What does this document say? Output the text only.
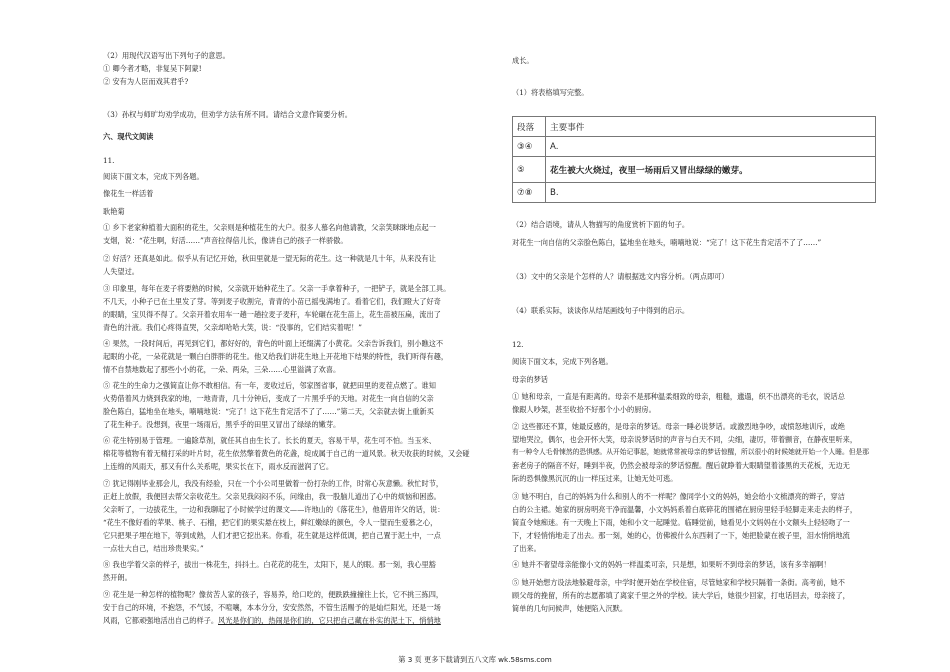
（2）用现代汉语写出下列句子的意思。
① 卿今者才略，非复吴下阿蒙!
② 安有为人臣而戏其君乎?
（3）孙权与师旷均劝学成功，但劝学方法有所不同。请结合文意作简要分析。
六、现代文阅读
11.
阅读下面文本，完成下列各题。
像花生一样活着
耿艳菊
① 乡下老家种植着大面积的花生，父亲则是种植花生的大户。很多人慕名向他请教，父亲笑眯眯地点起一
支烟，说：“花生啊，好活……”声音拉得倍儿长，像讲自己的孩子一样骄傲。
② 好活？还真是如此。似乎从有记忆开始，秋田里就是一望无际的花生。这一种就是几十年，从来没有让
人失望过。
③ 印象里，每年在麦子将要熟的时候，父亲就开始种花生了。父亲一手拿着种子，一把铲子，就是全部工具。
不几天，小种子已在土里发了芽。等到麦子收割完，青青的小苗已摇曳满地了。看着它们，我们瞪大了好奇
的眼睛，宝贝得不得了。父亲开着农用车一趟一趟拉麦子麦秆，车轮碾在花生苗上，花生苗被压扁，流出了
青色的汁液。我们心疼得直哭，父亲却哈哈大笑，说：“没事的，它们结实着呢！”
④ 果然，一段时间后，再见到它们，都好好的，青色的叶面上还缀满了小黄花。父亲告诉我们，别小瞧这不
起眼的小花，一朵花就是一颗白白胖胖的花生。他又给我们讲花生地上开花地下结果的特性，我们听得有趣，
情不自禁地数起了那些小小的花，一朵、两朵，三朵……心里溢满了欢喜。
⑤ 花生的生命力之强简直让你不敢相信。有一年，麦收过后，邻家图省事，就把田里的麦茬点燃了。谁知
火势借着风力烧到我家的地，一地青青，几十分钟后，变成了一片黑乎乎的天地。对花生一向自信的父亲
脸色陈白，猛地坐在地头，喃喃地说：“完了！这下花生肯定活不了了……”第二天，父亲就去街上重新买
了花生种子。没想到，夜里一场雨后，黑乎乎的田里又冒出了绿绿的嫩芽。
⑥ 花生特别易于管理。一遍除草剂，就任其自由生长了。长长的夏天，容易干旱，花生可不怕。当玉米、
棉花等植物有着无精打采的叶片时，花生依然擎着黄色的花盏，绽成属于自己的一道风景。秋天收获的时候，又会碰
上连绵的风雨天，那又有什么关系呢，果实长在下，雨水反而滋润了它。
⑦ 犹记得刚毕业那会儿，我没有经验，只在一个小公司里做着一份打杂的工作，时常心灰意懒。秋忙时节，
正赶上放假，我便回去帮父亲收花生。父亲见我闷闷不乐，问缘由，我一股脑儿道出了心中的烦恼和困惑。
父亲听了，一边拔花生，一边和我聊起了小时候学过的课文——许地山的《落花生》，他借用许父的话，说：
“花生不像好看的苹果、桃子、石榴，把它们的果实悬在枝上，鲜红嫩绿的颜色，令人一望而生爱慕之心，
它只把果子埋在地下，等到成熟，人们才把它挖出来。你看，花生就是这样低调，把自己置于泥土中，一点
一点壮大自己，结出珍贵果实。”
⑧ 我也学着父亲的样子，拔出一株花生，抖抖土。白花花的花生，太阳下，晃人的眼。那一刻，我心里豁
然开朗。
⑨ 花生是一种怎样的植物呢？像贫苦人家的孩子，容易养，给口吃的，便跌跌撞撞往上长，它不挑三拣四，
安于自己的环境，不抱怨，不气馁，不喧嚷，本本分分，安安然然，不管生活赐予的是灿烂阳光，还是一场
风雨，它都顽强地活出自己的样子。风光是你们的，热闹是你们的，它只把自己藏在朴实的泥土下，悄悄地
成长。
（1）将表格填写完整。
段落	主要事件
③④	A.
⑤	花生被大火烧过，夜里一场雨后又冒出绿绿的嫩芽。
⑦⑧	B.
（2）结合语境，请从人物描写的角度赏析下面的句子。
对花生一向自信的父亲脸色陈白，猛地坐在地头，喃喃地说：“完了！这下花生肯定活不了了……”
（3）文中的父亲是个怎样的人？请根据选文内容分析。（两点即可）
（4）联系实际，谈谈你从结尾画线句子中得到的启示。
12.
阅读下面文本，完成下列各题。
母亲的梦话
① 她和母亲，一直是有距离的。母亲不是那种温柔细致的母亲，粗糙，邋遢，织不出漂亮的毛衣，说话总
像跟人吵架，甚至收拾不好那个小小的厨房。
② 这些都还不算，她最反感的，是母亲的梦话。母亲一睡必说梦话。或激烈地争吵，或愤怒地训斥，或绝
望地哭泣，偶尔，也会开怀大笑，母亲说梦话时的声音与白天不同，尖细，凄厉，带着颤音，在静夜里听来，
有一种令人毛骨悚然的恐惧感。从开始记事起，她就常常被母亲的梦话惊醒，所以很小的时候她就开始一个人睡。但是那
套老房子的隔音不好，睡到半夜，仍然会被母亲的梦话惊醒。醒后就睁着大眼睛望着漆黑的天花板，无边无
际的恐惧像黑沉沉的山一样压过来，让她无处可逃。
③ 她不明白，自己的妈妈为什么和别人的不一样呢？像同学小文的妈妈，她会给小文梳漂亮的辫子，穿洁
白的公主裙。她家的厨房明亮干净而温馨，小文妈妈系着白底碎花的围裙在厨房里轻手轻脚走来走去的样子，
简直令她痴迷。有一天晚上下雨，她和小文一起睡觉。临睡觉前，她看见小文妈妈在小文额头上轻轻吻了一
下，才轻悄悄地走了出去。那一刻，她的心，仿佛被什么东西刺了一下，她把脸蒙在被子里，泪水悄悄地流
了出来。
④ 她并不奢望母亲能像小文的妈妈一样温柔可亲，只是想，如果听不到母亲的梦话，该有多幸福啊！
⑤ 她开始想方设法地躲避母亲，中学时便开始在学校住宿，尽管她家和学校只隔着一条街。高考前，她不
顾父母的挽留，所有的志愿都填了离家千里之外的学校。读大学后，她很少回家，打电话回去，母亲接了，
简单的几句问候声，她便陷入沉默。
第 3 页 更多下载请到五八文库 wk.58sms.com
